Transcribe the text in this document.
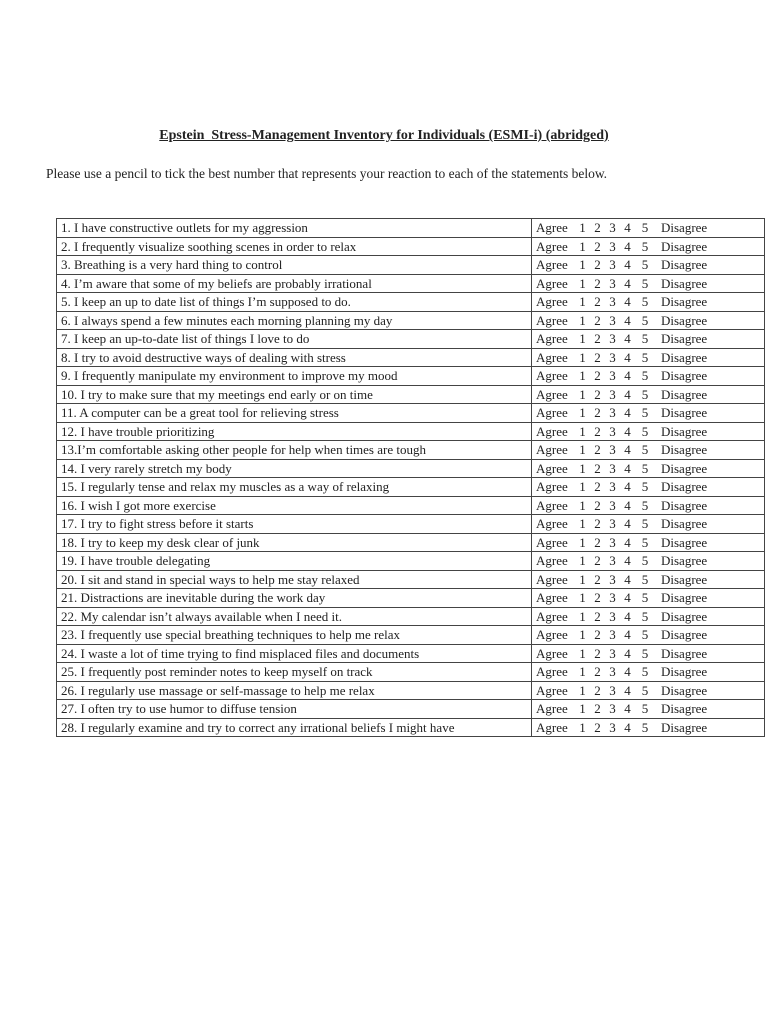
Epstein  Stress-Management Inventory for Individuals (ESMI-i) (abridged)

Please use a pencil to tick the best number that represents your reaction to each of the statements below.

1. I have constructive outlets for my aggression	Agree 1 2 3 4 5 Disagree
2. I frequently visualize soothing scenes in order to relax	Agree 1 2 3 4 5 Disagree
3. Breathing is a very hard thing to control	Agree 1 2 3 4 5 Disagree
4. I’m aware that some of my beliefs are probably irrational	Agree 1 2 3 4 5 Disagree
5. I keep an up to date list of things I’m supposed to do.	Agree 1 2 3 4 5 Disagree
6. I always spend a few minutes each morning planning my day	Agree 1 2 3 4 5 Disagree
7. I keep an up-to-date list of things I love to do	Agree 1 2 3 4 5 Disagree
8. I try to avoid destructive ways of dealing with stress	Agree 1 2 3 4 5 Disagree
9. I frequently manipulate my environment to improve my mood	Agree 1 2 3 4 5 Disagree
10. I try to make sure that my meetings end early or on time	Agree 1 2 3 4 5 Disagree
11. A computer can be a great tool for relieving stress	Agree 1 2 3 4 5 Disagree
12. I have trouble prioritizing	Agree 1 2 3 4 5 Disagree
13.I’m comfortable asking other people for help when times are tough	Agree 1 2 3 4 5 Disagree
14. I very rarely stretch my body	Agree 1 2 3 4 5 Disagree
15. I regularly tense and relax my muscles as a way of relaxing	Agree 1 2 3 4 5 Disagree
16. I wish I got more exercise	Agree 1 2 3 4 5 Disagree
17. I try to fight stress before it starts	Agree 1 2 3 4 5 Disagree
18. I try to keep my desk clear of junk	Agree 1 2 3 4 5 Disagree
19. I have trouble delegating	Agree 1 2 3 4 5 Disagree
20. I sit and stand in special ways to help me stay relaxed	Agree 1 2 3 4 5 Disagree
21. Distractions are inevitable during the work day	Agree 1 2 3 4 5 Disagree
22. My calendar isn’t always available when I need it.	Agree 1 2 3 4 5 Disagree
23. I frequently use special breathing techniques to help me relax	Agree 1 2 3 4 5 Disagree
24. I waste a lot of time trying to find misplaced files and documents	Agree 1 2 3 4 5 Disagree
25. I frequently post reminder notes to keep myself on track	Agree 1 2 3 4 5 Disagree
26. I regularly use massage or self-massage to help me relax	Agree 1 2 3 4 5 Disagree
27. I often try to use humor to diffuse tension	Agree 1 2 3 4 5 Disagree
28. I regularly examine and try to correct any irrational beliefs I might have	Agree 1 2 3 4 5 Disagree
